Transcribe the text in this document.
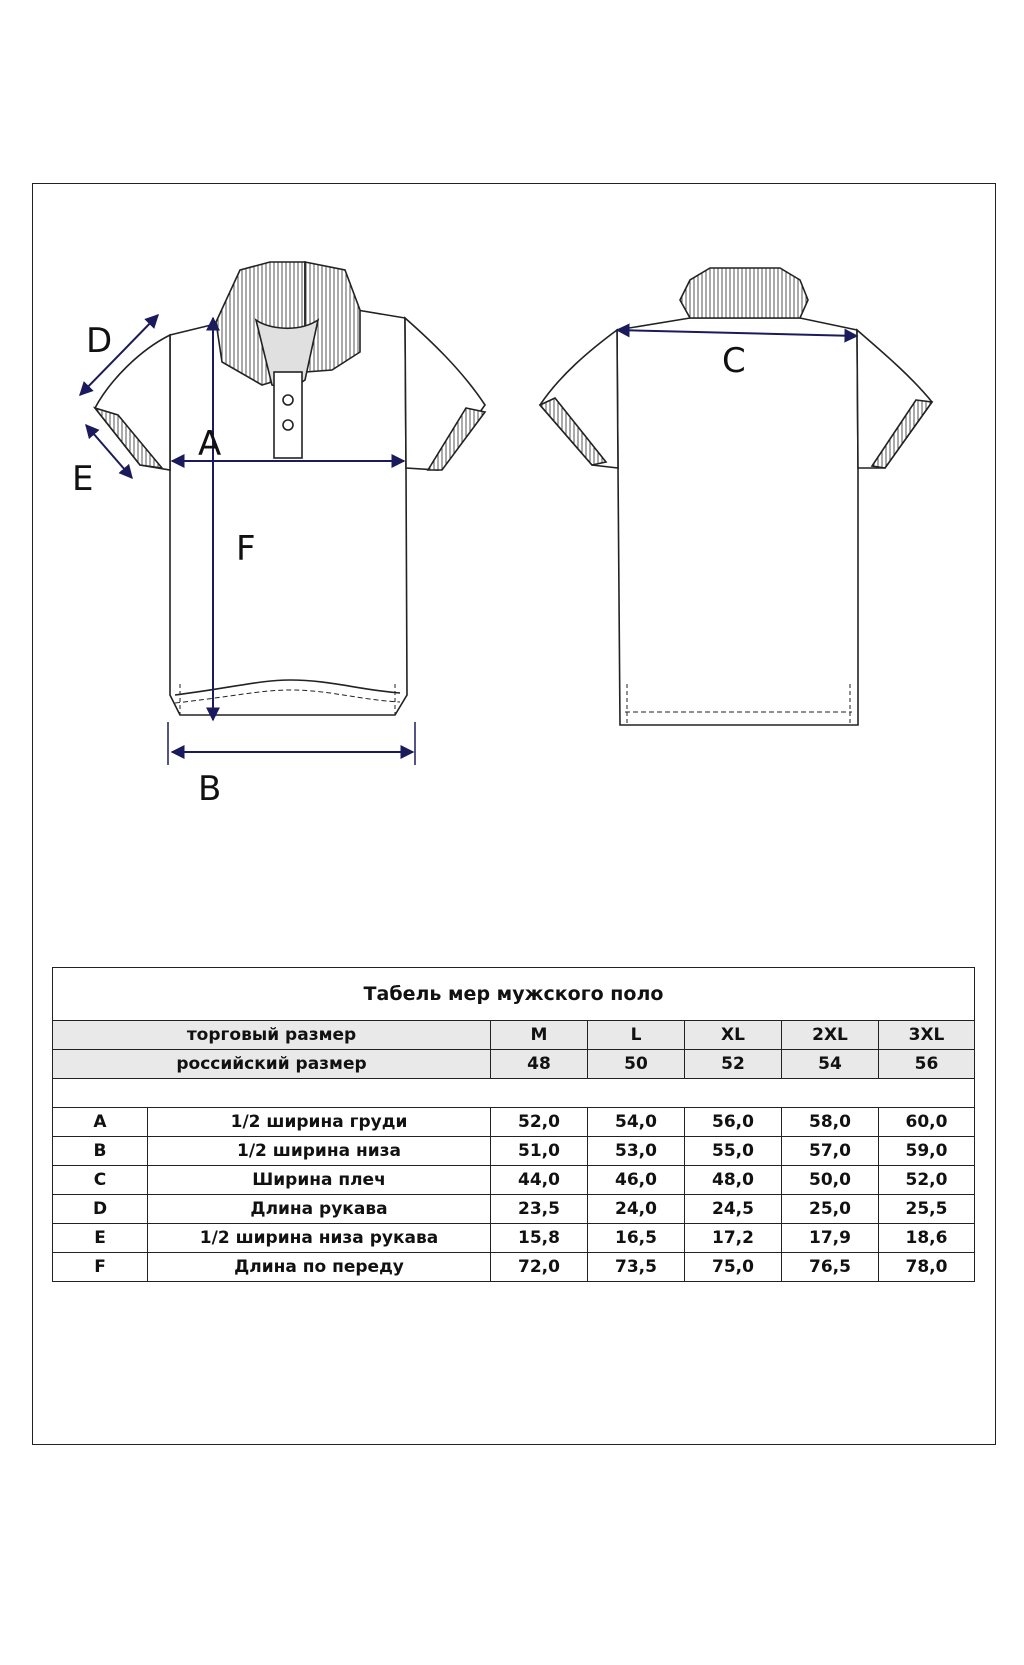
A
B
D
E
F
C
Табель мер мужского поло						
торговый размер		M	L	XL	2XL	3XL
российский размер		48	50	52	54	56

A	1/2 ширина груди	52,0	54,0	56,0	58,0	60,0
B	1/2 ширина низа	51,0	53,0	55,0	57,0	59,0
C	Ширина плеч	44,0	46,0	48,0	50,0	52,0
D	Длина рукава	23,5	24,0	24,5	25,0	25,5
E	1/2 ширина низа рукава	15,8	16,5	17,2	17,9	18,6
F	Длина по переду	72,0	73,5	75,0	76,5	78,0
